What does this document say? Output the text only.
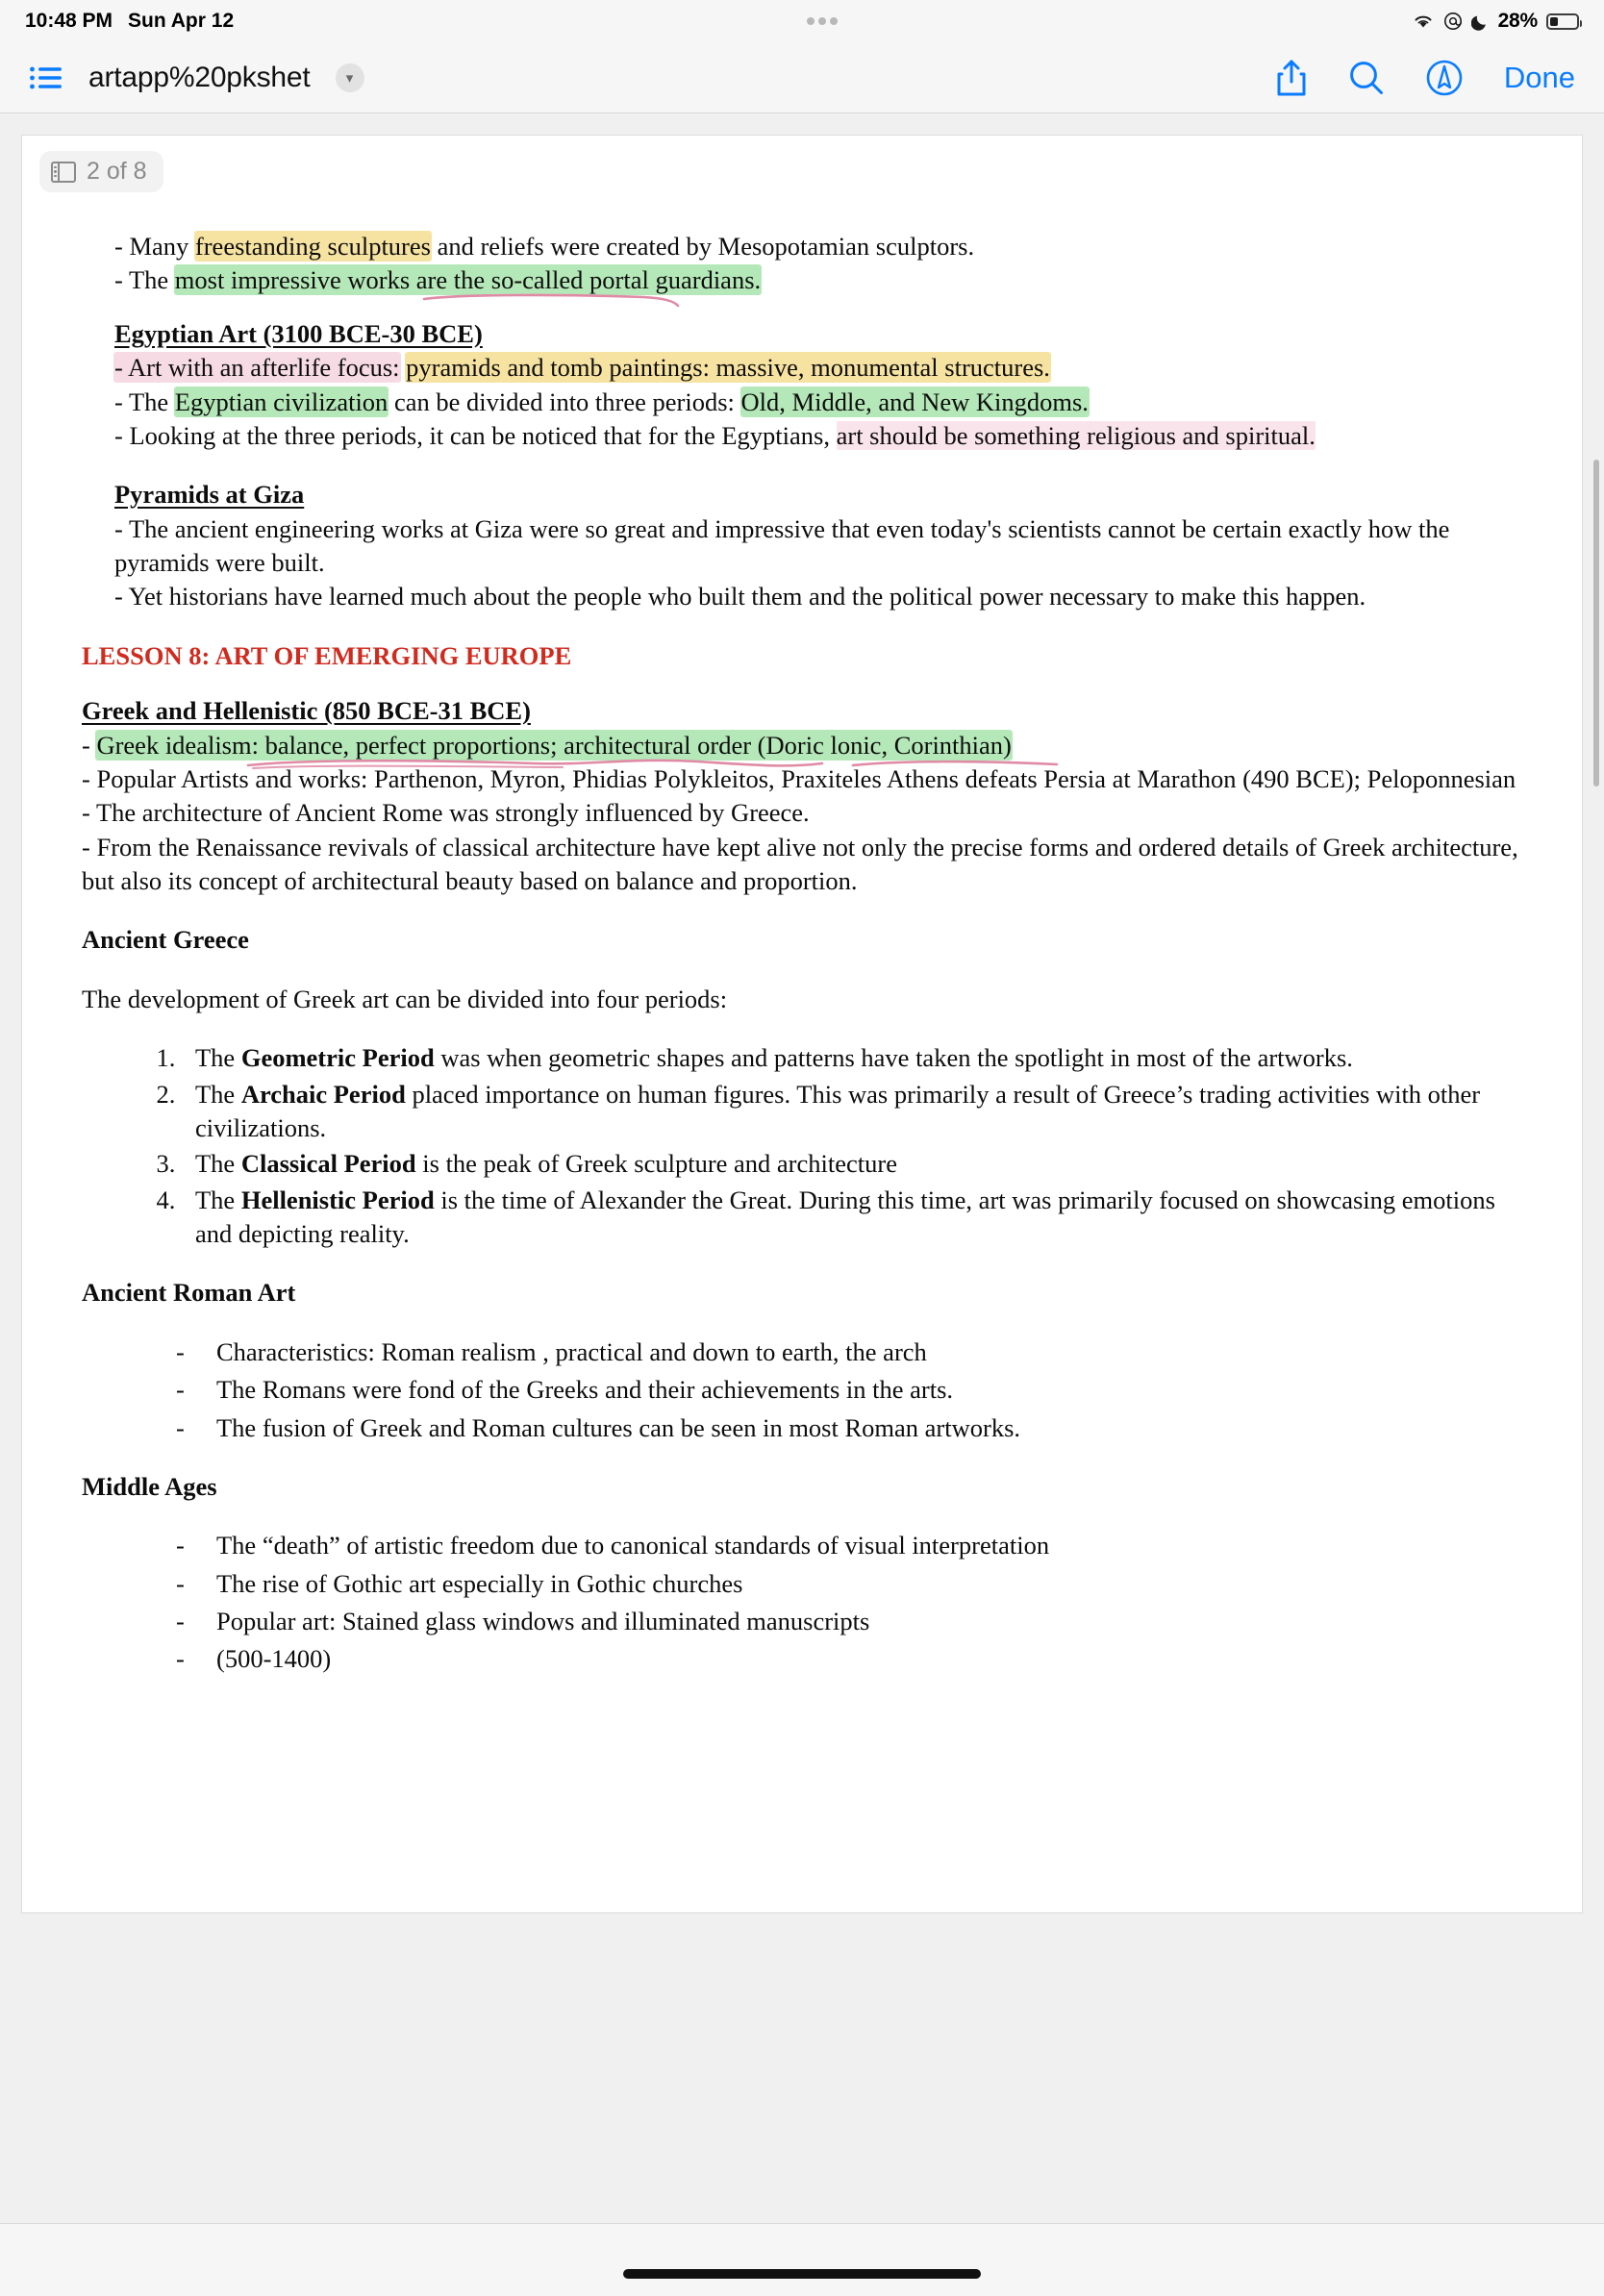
10:48 PM Sun Apr 12	28%
artapp%20pkshet	▾	Done
2 of 8

- Many freestanding sculptures and reliefs were created by Mesopotamian sculptors.

- The most impressive works are the so-called portal guardians.

Egyptian Art (3100 BCE-30 BCE)

- Art with an afterlife focus: pyramids and tomb paintings: massive, monumental structures.

- The Egyptian civilization can be divided into three periods: Old, Middle, and New Kingdoms.

- Looking at the three periods, it can be noticed that for the Egyptians, art should be something religious and spiritual.

Pyramids at Giza

- The ancient engineering works at Giza were so great and impressive that even today's scientists cannot be certain exactly how the pyramids were built.

- Yet historians have learned much about the people who built them and the political power necessary to make this happen.

LESSON 8: ART OF EMERGING EUROPE

Greek and Hellenistic (850 BCE-31 BCE)

- Greek idealism: balance, perfect proportions; architectural order (Doric lonic, Corinthian)

- Popular Artists and works: Parthenon, Myron, Phidias Polykleitos, Praxiteles Athens defeats Persia at Marathon (490 BCE); Peloponnesian

- The architecture of Ancient Rome was strongly influenced by Greece.

- From the Renaissance revivals of classical architecture have kept alive not only the precise forms and ordered details of Greek architecture, but also its concept of architectural beauty based on balance and proportion.

Ancient Greece

The development of Greek art can be divided into four periods:

1. The Geometric Period was when geometric shapes and patterns have taken the spotlight in most of the artworks.
2. The Archaic Period placed importance on human figures. This was primarily a result of Greece’s trading activities with other civilizations.
3. The Classical Period is the peak of Greek sculpture and architecture
4. The Hellenistic Period is the time of Alexander the Great. During this time, art was primarily focused on showcasing emotions and depicting reality.

Ancient Roman Art

- Characteristics: Roman realism , practical and down to earth, the arch
- The Romans were fond of the Greeks and their achievements in the arts.
- The fusion of Greek and Roman cultures can be seen in most Roman artworks.

Middle Ages

- The “death” of artistic freedom due to canonical standards of visual interpretation
- The rise of Gothic art especially in Gothic churches
- Popular art: Stained glass windows and illuminated manuscripts
- (500-1400)
